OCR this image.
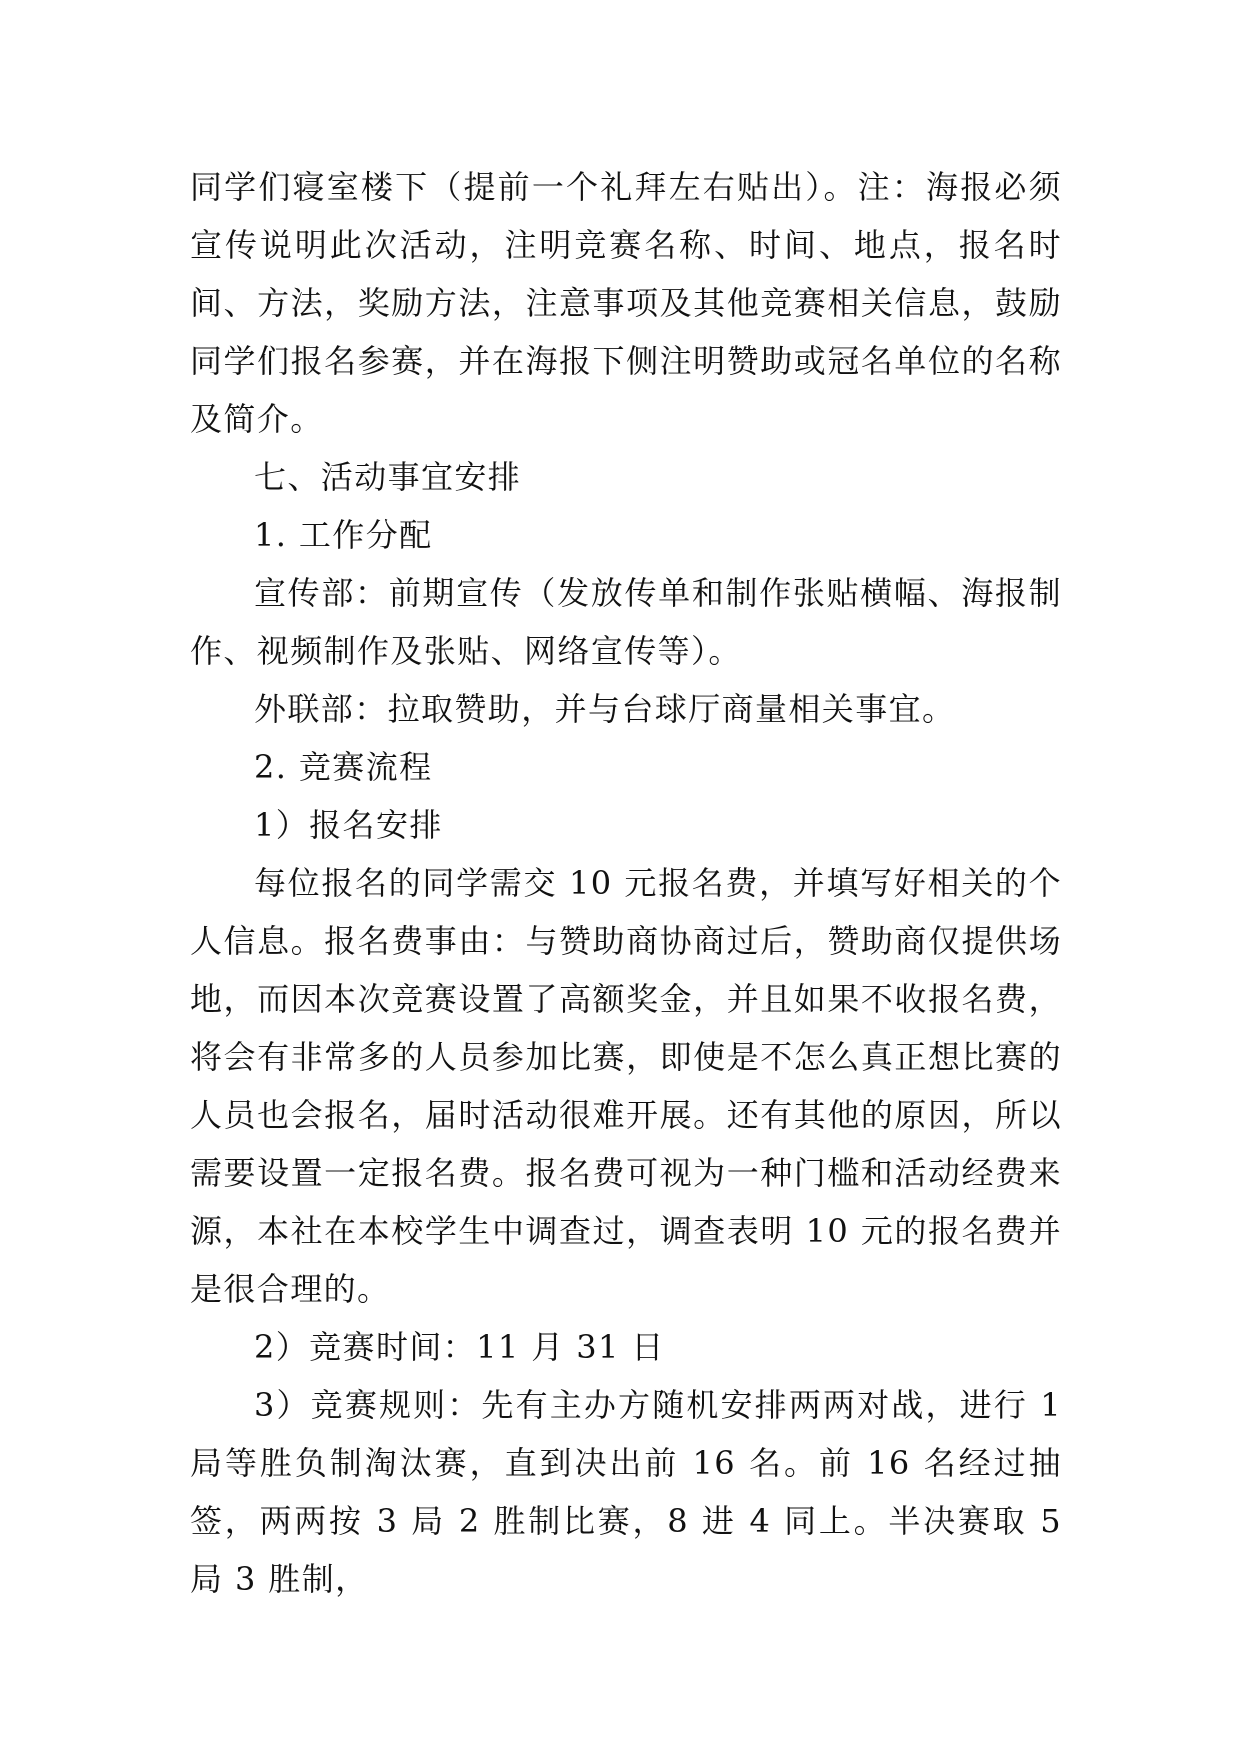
同学们寝室楼下（提前一个礼拜左右贴出）。注：海报必须宣传说明此次活动，注明竞赛名称、时间、地点，报名时间、方法，奖励方法，注意事项及其他竞赛相关信息，鼓励同学们报名参赛，并在海报下侧注明赞助或冠名单位的名称及简介。

七、活动事宜安排

1. 工作分配

宣传部：前期宣传（发放传单和制作张贴横幅、海报制作、视频制作及张贴、网络宣传等）。

外联部：拉取赞助，并与台球厅商量相关事宜。

2. 竞赛流程

1）报名安排

每位报名的同学需交 10 元报名费，并填写好相关的个人信息。报名费事由：与赞助商协商过后，赞助商仅提供场地，而因本次竞赛设置了高额奖金，并且如果不收报名费，将会有非常多的人员参加比赛，即使是不怎么真正想比赛的人员也会报名，届时活动很难开展。还有其他的原因，所以需要设置一定报名费。报名费可视为一种门槛和活动经费来源，本社在本校学生中调查过，调查表明 10 元的报名费并是很合理的。

2）竞赛时间：11 月 31 日

3）竞赛规则：先有主办方随机安排两两对战，进行 1 局等胜负制淘汰赛，直到决出前 16 名。前 16 名经过抽签，两两按 3 局 2 胜制比赛，8 进 4 同上。半决赛取 5 局 3 胜制，
